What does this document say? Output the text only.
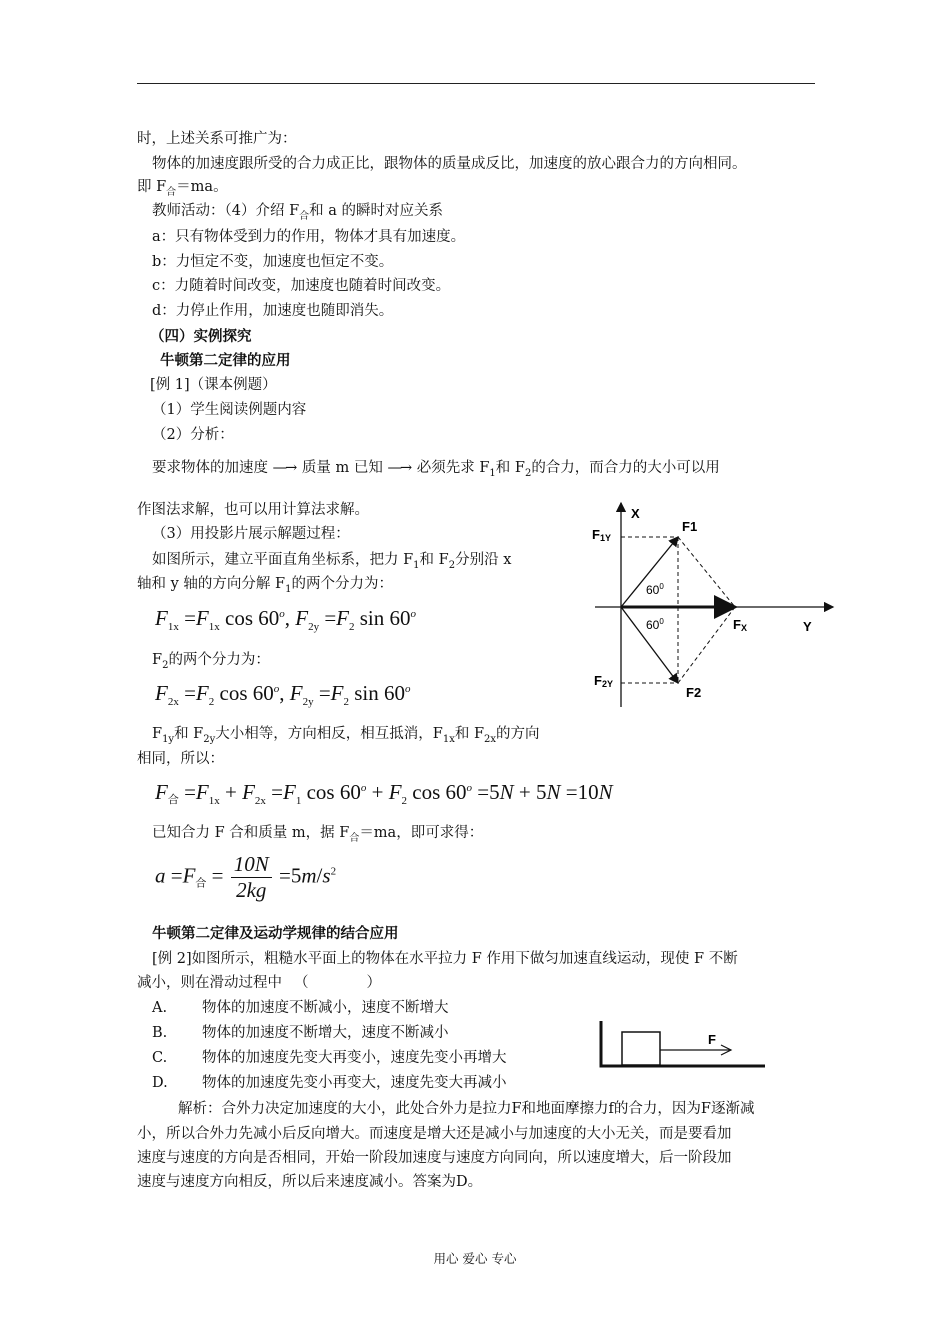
时，上述关系可推广为：
物体的加速度跟所受的合力成正比，跟物体的质量成反比，加速度的放心跟合力的方向相同。
即 $F_合=ma$。
教师活动：（4）介绍 $F_合$和 a 的瞬时对应关系
a：只有物体受到力的作用，物体才具有加速度。
b：力恒定不变，加速度也恒定不变。
c：力随着时间改变，加速度也随着时间改变。
d：力停止作用，加速度也随即消失。
（四）实例探究
牛顿第二定律的应用
[例 1]（课本例题）
（1）学生阅读例题内容
（2）分析：
要求物体的加速度 —→ 质量 m 已知 —→ 必须先求 $F_1$和 $F_2$的合力，而合力的大小可以用
作图法求解，也可以用计算法求解。
（3）用投影片展示解题过程：
如图所示，建立平面直角坐标系，把力 $F_1$和 $F_2$分别沿 x
轴和 y 轴的方向分解 $F_1$的两个分力为：
$F_{1x} =F_{1x}$ cos 60$^o$, $F_{2y} =F_2$ sin 60$^o$
$F_2$的两个分力为：
$F_{2x} =F_2$ cos 60$^o$, $F_{2y} =F_2$ sin 60$^o$
$F_{1y}$和 $F_{2y}$大小相等，方向相反，相互抵消，$F_{1x}$和 $F_{2x}$的方向
相同，所以：
F合 $=F_{1x} + F_{2x} =F_1$ $\cos 60^o + F_2$ $\cos 60^o =5N + 5N =10N$
已知合力 F 合和质量 m，据 $F_合=ma$，即可求得：
a =F合 = $\frac{10N}{2kg} =5m/s^2$
牛顿第二定律及运动学规律的结合应用
[例 2]如图所示，粗糙水平面上的物体在水平拉力 F 作用下做匀加速直线运动，现使 F 不断
减小，则在滑动过程中 （　　　　）
A. 物体的加速度不断减小，速度不断增大
B. 物体的加速度不断增大，速度不断减小
C. 物体的加速度先变大再变小，速度先变小再增大
D. 物体的加速度先变小再变大，速度先变大再减小
解析：合外力决定加速度的大小，此处合外力是拉力F和地面摩擦力f的合力，因为F逐渐减
小，所以合外力先减小后反向增大。而速度是增大还是减小与加速度的大小无关，而是要看加
速度与速度的方向是否相同，开始一阶段加速度与速度方向同向，所以速度增大，后一阶段加
速度与速度方向相反，所以后来速度减小。答案为D。
用心 爱心 专心
X
Y
F1
F2
F1Y
F2Y
FX
$60^0$
$60^0$
F
